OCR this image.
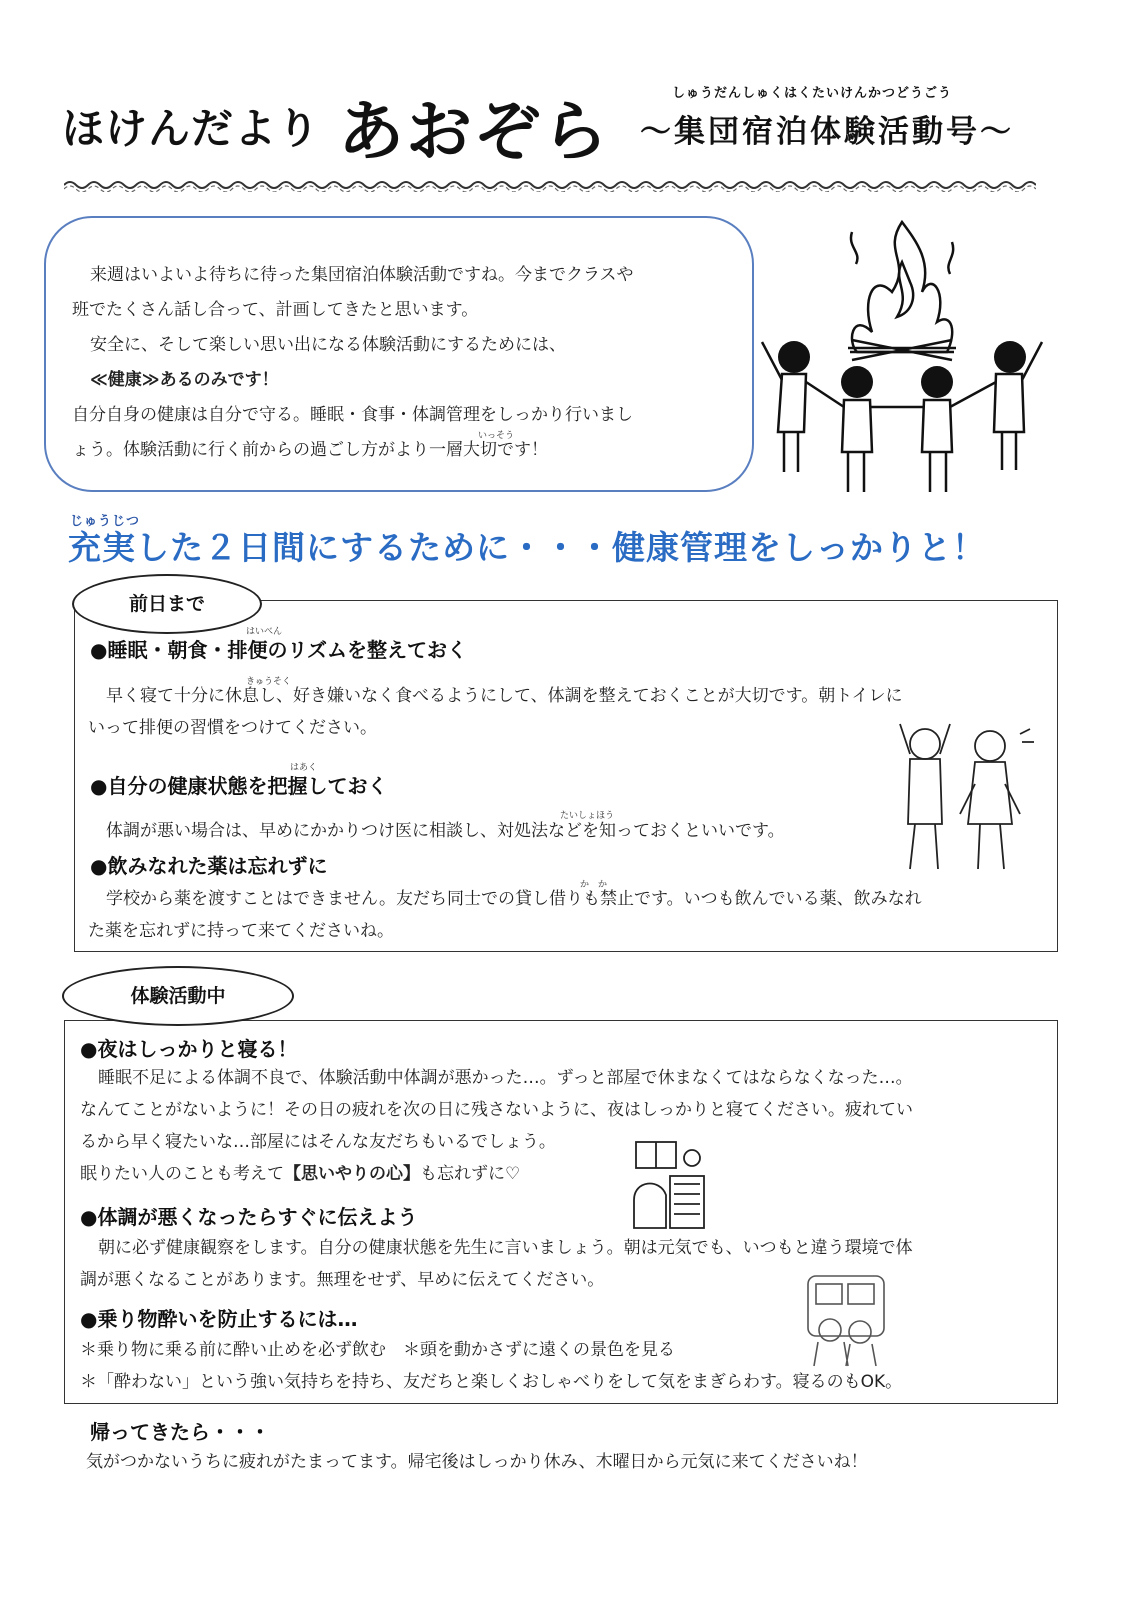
ほけんだより あおぞら	しゅうだんしゅくはくたいけんかつどうごう
〜集団宿泊体験活動号〜
いっそう

来週はいよいよ待ちに待った集団宿泊体験活動ですね。今までクラスや

班でたくさん話し合って、計画してきたと思います。

安全に、そして楽しい思い出になる体験活動にするためには、

≪健康≫あるのみです！

自分自身の健康は自分で守る。睡眠・食事・体調管理をしっかり行いまし

ょう。体験活動に行く前からの過ごし方がより一層大切です！

じゅうじつ
充実した２日間にするために・・・健康管理をしっかりと！
前日まで
はいべん
●睡眠・朝食・排便のリズムを整えておく
きゅうそく

早く寝て十分に休息し、好き嫌いなく食べるようにして、体調を整えておくことが大切です。朝トイレに

いって排便の習慣をつけてください。

はあく
●自分の健康状態を把握しておく
たいしょほう

体調が悪い場合は、早めにかかりつけ医に相談し、対処法などを知っておくといいです。

●飲みなれた薬は忘れずに
か　か

学校から薬を渡すことはできません。友だち同士での貸し借りも禁止です。いつも飲んでいる薬、飲みなれ

た薬を忘れずに持って来てくださいね。

体験活動中
●夜はしっかりと寝る！

睡眠不足による体調不良で、体験活動中体調が悪かった…。ずっと部屋で休まなくてはならなくなった…。

なんてことがないように！その日の疲れを次の日に残さないように、夜はしっかりと寝てください。疲れてい

るから早く寝たいな…部屋にはそんな友だちもいるでしょう。

眠りたい人のことも考えて【思いやりの心】も忘れずに♡

●体調が悪くなったらすぐに伝えよう

朝に必ず健康観察をします。自分の健康状態を先生に言いましょう。朝は元気でも、いつもと違う環境で体

調が悪くなることがあります。無理をせず、早めに伝えてください。

●乗り物酔いを防止するには…

＊乗り物に乗る前に酔い止めを必ず飲む　＊頭を動かさずに遠くの景色を見る

＊「酔わない」という強い気持ちを持ち、友だちと楽しくおしゃべりをして気をまぎらわす。寝るのもOK。

帰ってきたら・・・
気がつかないうちに疲れがたまってます。帰宅後はしっかり休み、木曜日から元気に来てくださいね！
